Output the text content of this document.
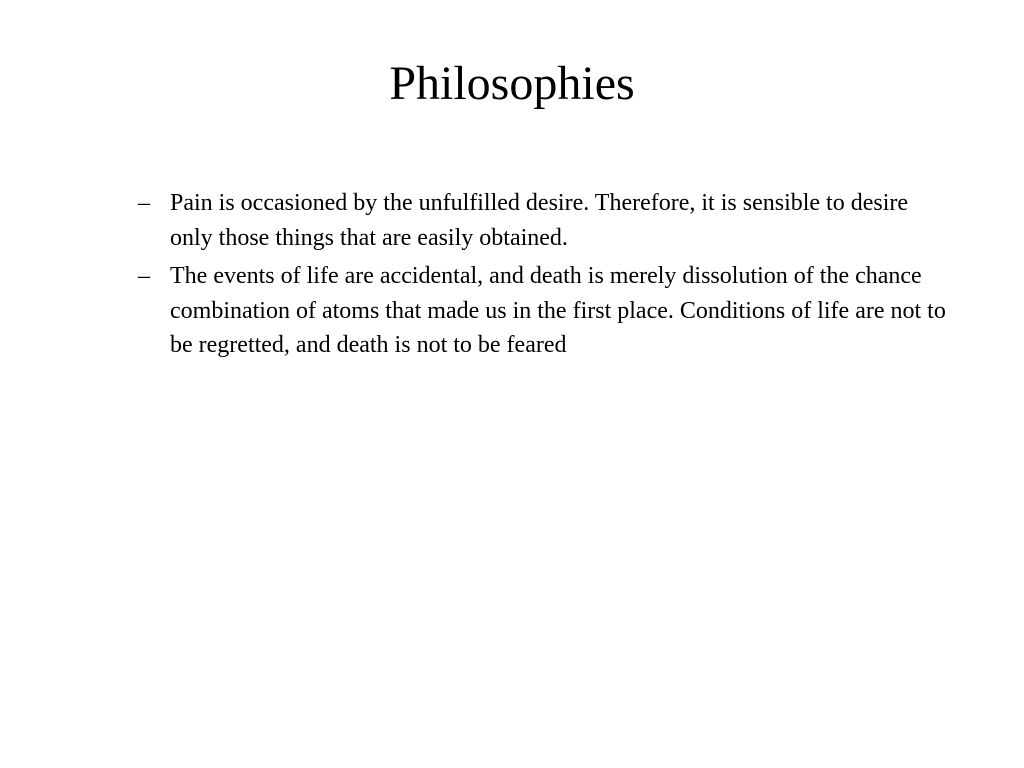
Philosophies
– Pain is occasioned by the unfulfilled desire. Therefore, it is sensible to desire only those things that are easily obtained.
– The events of life are accidental, and death is merely dissolution of the chance combination of atoms that made us in the first place. Conditions of life are not to be regretted, and death is not to be feared
